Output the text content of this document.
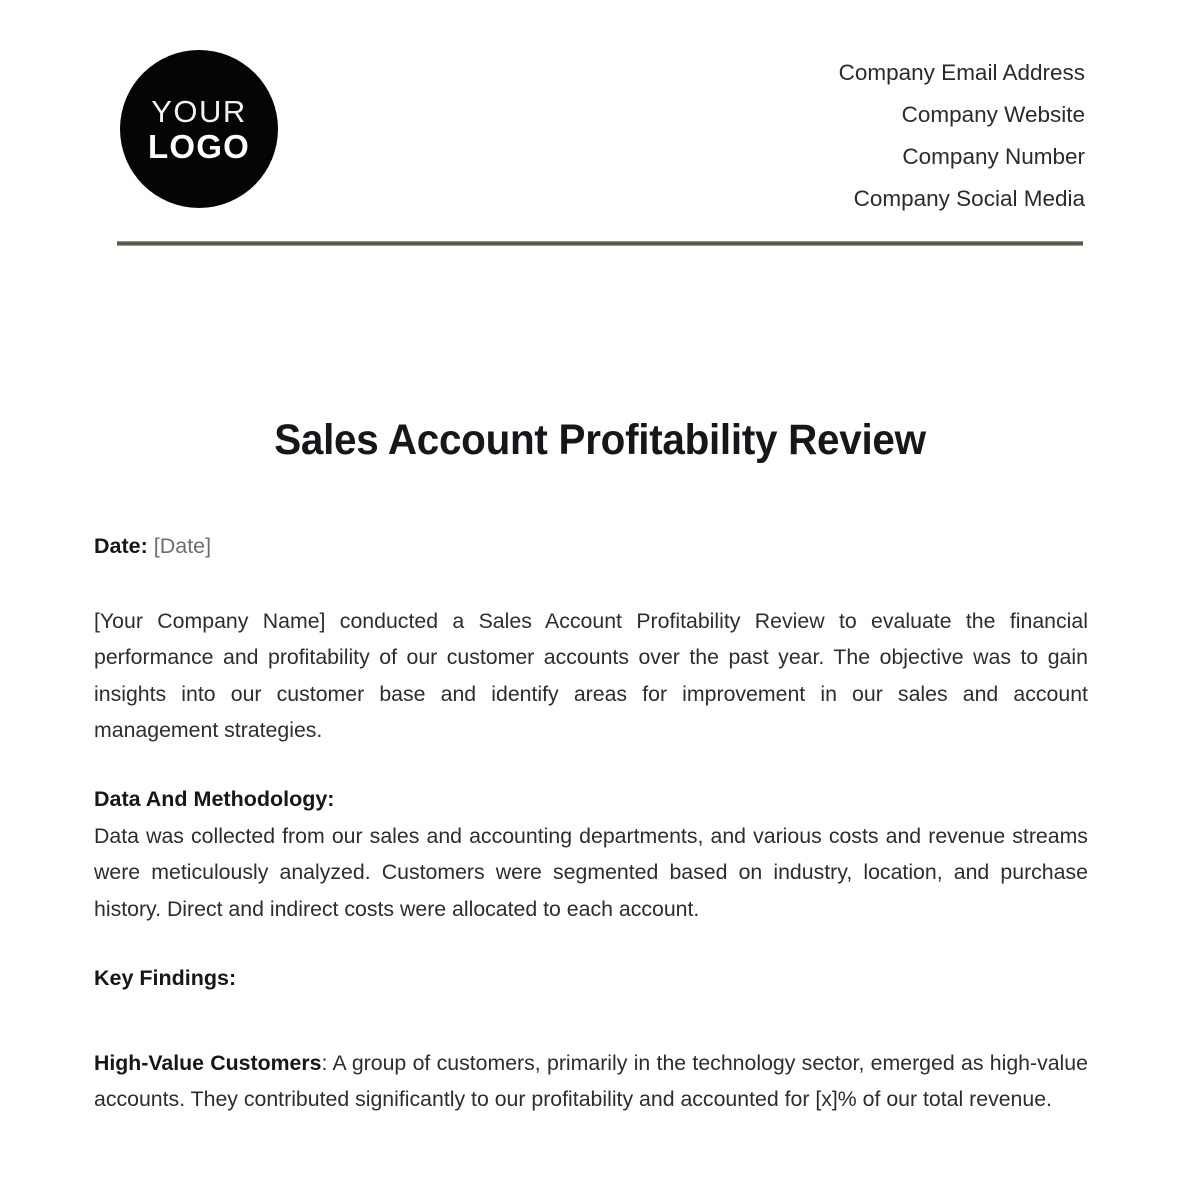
YOUR
LOGO
Company Email Address
Company Website
Company Number
Company Social Media
Sales Account Profitability Review
Date: [Date]

[Your Company Name] conducted a Sales Account Profitability Review to evaluate the financial performance and profitability of our customer accounts over the past year. The objective was to gain insights into our customer base and identify areas for improvement in our sales and account management strategies.

Data And Methodology:

Data was collected from our sales and accounting departments, and various costs and revenue streams were meticulously analyzed. Customers were segmented based on industry, location, and purchase history. Direct and indirect costs were allocated to each account.

Key Findings:

High-Value Customers: A group of customers, primarily in the technology sector, emerged as high-value accounts. They contributed significantly to our profitability and accounted for [x]% of our total revenue.
